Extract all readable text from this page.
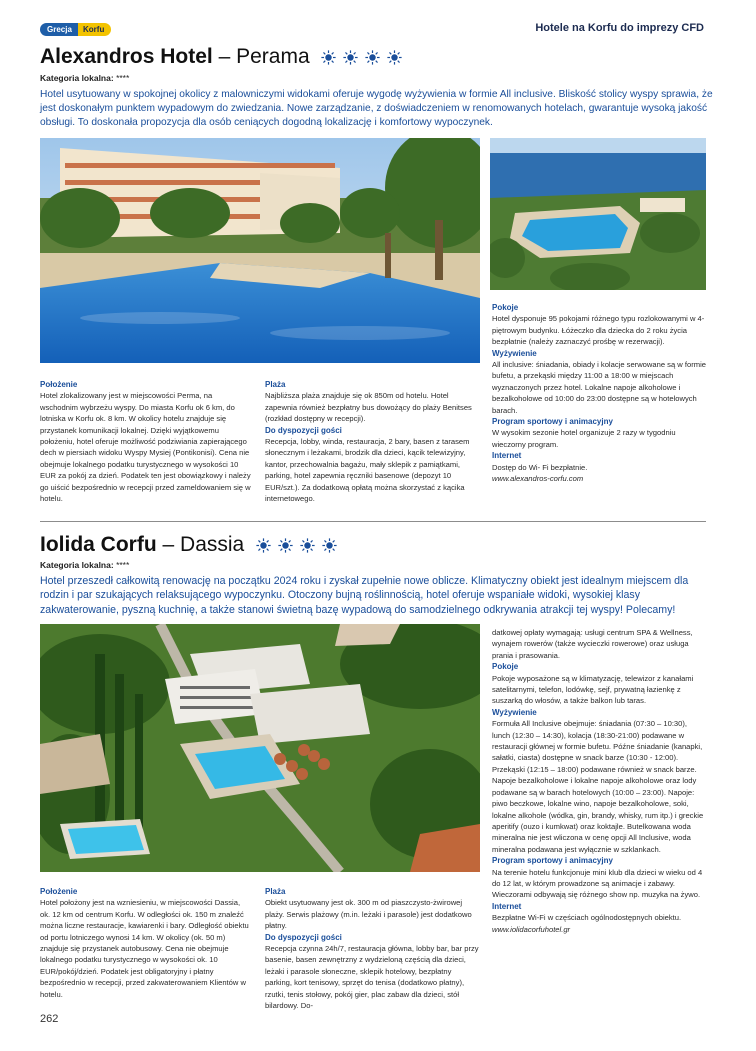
Grecja	Korfu	Hotele na Korfu do imprezy CFD
Alexandros Hotel – Perama
Kategoria lokalna: ****
Hotel usytuowany w spokojnej okolicy z malowniczymi widokami oferuje wygodę wyżywienia w formie All inclusive. Bliskość stolicy wyspy sprawia, że jest doskonałym punktem wypadowym do zwiedzania. Nowe zarządzanie, z doświadczeniem w renomowanych hotelach, gwarantuje wysoką jakość obsługi. To doskonała propozycja dla osób ceniących dogodną lokalizację i komfortowy wypoczynek.
Położenie

Hotel zlokalizowany jest w miejscowości Perma, na wschodnim wybrzeżu wyspy. Do miasta Korfu ok 6 km, do lotniska w Korfu ok. 8 km. W okolicy hotelu znajduje się przystanek komunikacji lokalnej. Dzięki wyjątkowemu położeniu, hotel oferuje możliwość podziwiania zapierającego dech w piersiach widoku Wyspy Mysiej (Pontikonisi). Cena nie obejmuje lokalnego podatku turystycznego w wysokości 10 EUR za pokój za dzień. Podatek ten jest obowiązkowy i należy go uiścić bezpośrednio w recepcji przed zameldowaniem się w hotelu.

Plaża

Najbliższa plaża znajduje się ok 850m od hotelu. Hotel zapewnia również bezpłatny bus dowożący do plaży Benitses (rozkład dostępny w recepcji).

Do dyspozycji gości

Recepcja, lobby, winda, restauracja, 2 bary, basen z tarasem słonecznym i leżakami, brodzik dla dzieci, kącik telewizyjny, kantor, przechowalnia bagażu, mały sklepik z pamiątkami, parking, hotel zapewnia ręczniki basenowe (depozyt 10 EUR/szt.). Za dodatkową opłatą można skorzystać z kącika internetowego.

Pokoje

Hotel dysponuje 95 pokojami różnego typu rozlokowanymi w 4-piętrowym budynku. Łóżeczko dla dziecka do 2 roku życia bezpłatnie (należy zaznaczyć prośbę w rezerwacji).

Wyżywienie

All inclusive: śniadania, obiady i kolacje serwowane są w formie bufetu, a przekąski między 11:00 a 18:00 w miejscach wyznaczonych przez hotel. Lokalne napoje alkoholowe i bezalkoholowe od 10:00 do 23:00 dostępne są w hotelowych barach.

Program sportowy i animacyjny

W wysokim sezonie hotel organizuje 2 razy w tygodniu wieczorny program.

Internet

Dostęp do Wi- Fi bezpłatnie.

www.alexandros-corfu.com

Iolida Corfu – Dassia
Kategoria lokalna: ****
Hotel przeszedł całkowitą renowację na początku 2024 roku i zyskał zupełnie nowe oblicze. Klimatyczny obiekt jest idealnym miejscem dla rodzin i par szukających relaksującego wypoczynku. Otoczony bujną roślinnością, hotel oferuje wspaniałe widoki, wysokiej klasy zakwaterowanie, pyszną kuchnię, a także stanowi świetną bazę wypadową do samodzielnego odkrywania atrakcji tej wyspy! Polecamy!
Położenie

Hotel położony jest na wzniesieniu, w miejscowości Dassia, ok. 12 km od centrum Korfu. W odległości ok. 150 m znaleźć można liczne restauracje, kawiarenki i bary. Odległość obiektu od portu lotniczego wynosi 14 km. W okolicy (ok. 50 m) znajduje się przystanek autobusowy. Cena nie obejmuje lokalnego podatku turystycznego w wysokości ok. 10 EUR/pokój/dzień. Podatek jest obligatoryjny i płatny bezpośrednio w recepcji, przed zakwaterowaniem Klientów w hotelu.

Plaża

Obiekt usytuowany jest ok. 300 m od piaszczysto-żwirowej plaży. Serwis plażowy (m.in. leżaki i parasole) jest dodatkowo płatny.

Do dyspozycji gości

Recepcja czynna 24h/7, restauracja główna, lobby bar, bar przy basenie, basen zewnętrzny z wydzieloną częścią dla dzieci, leżaki i parasole słoneczne, sklepik hotelowy, bezpłatny parking, kort tenisowy, sprzęt do tenisa (dodatkowo płatny), rzutki, tenis stołowy, pokój gier, plac zabaw dla dzieci, stół bilardowy. Do-

datkowej opłaty wymagają: usługi centrum SPA & Wellness, wynajem rowerów (także wycieczki rowerowe) oraz usługa prania i prasowania.

Pokoje

Pokoje wyposażone są w klimatyzację, telewizor z kanałami satelitarnymi, telefon, lodówkę, sejf, prywatną łazienkę z suszarką do włosów, a także balkon lub taras.

Wyżywienie

Formuła All Inclusive obejmuje: śniadania (07:30 – 10:30), lunch (12:30 – 14:30), kolacja (18:30-21:00) podawane w restauracji głównej w formie bufetu. Późne śniadanie (kanapki, sałatki, ciasta) dostępne w snack barze (10:30 - 12:00). Przekąski (12:15 – 18:00) podawane również w snack barze. Napoje bezalkoholowe i lokalne napoje alkoholowe oraz lody podawane są w barach hotelowych (10:00 – 23:00). Napoje: piwo beczkowe, lokalne wino, napoje bezalkoholowe, soki, lokalne alkohole (wódka, gin, brandy, whisky, rum itp.) i greckie aperitify (ouzo i kumkwat) oraz koktajle. Butelkowana woda mineralna nie jest wliczona w cenę opcji All Inclusive, woda mineralna podawana jest wyłącznie w szklankach.

Program sportowy i animacyjny

Na terenie hotelu funkcjonuje mini klub dla dzieci w wieku od 4 do 12 lat, w którym prowadzone są animacje i zabawy. Wieczorami odbywają się różnego show np. muzyka na żywo.

Internet

Bezpłatne Wi-Fi w częściach ogólnodostępnych obiektu.

www.iolidacorfuhotel.gr

262
